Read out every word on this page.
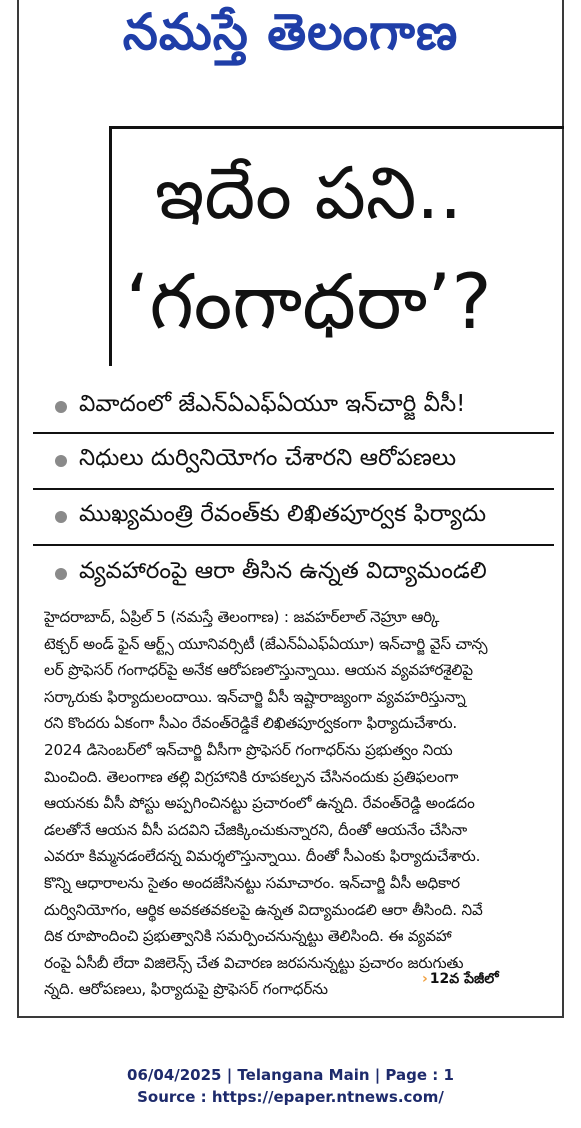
నమస్తే తెలంగాణ
ఇదేం పని..
‘గంగాధరా’?
వివాదంలో జేఎన్ఏఎఫ్ఏయూ ఇన్‌చార్జి వీసీ!
నిధులు దుర్వినియోగం చేశారని ఆరోపణలు
ముఖ్యమంత్రి రేవంత్‌కు లిఖితపూర్వక ఫిర్యాదు
వ్యవహారంపై ఆరా తీసిన ఉన్నత విద్యామండలి
హైదరాబాద్, ఏప్రిల్ 5 (నమస్తే తెలంగాణ) : జవహర్‌లాల్ నెహ్రూ ఆర్కి
టెక్చర్ అండ్ ఫైన్ ఆర్ట్స్ యూనివర్సిటీ (జేఎన్ఏఎఫ్ఏయూ) ఇన్‌చార్జి వైస్ చాన్స
లర్ ప్రొఫెసర్ గంగాధర్‌పై అనేక ఆరోపణలొస్తున్నాయి. ఆయన వ్యవహారశైలిపై
సర్కారుకు ఫిర్యాదులందాయి. ఇన్‌చార్జి వీసీ ఇష్టారాజ్యంగా వ్యవహరిస్తున్నా
రని కొందరు ఏకంగా సీఎం రేవంత్‌రెడ్డికే లిఖితపూర్వకంగా ఫిర్యాదుచేశారు.
2024 డిసెంబర్‌లో ఇన్‌చార్జి వీసీగా ప్రొఫెసర్ గంగాధర్‌ను ప్రభుత్వం నియ
మించింది. తెలంగాణ తల్లి విగ్రహానికి రూపకల్పన చేసినందుకు ప్రతిఫలంగా
ఆయనకు వీసీ పోస్టు అప్పగించినట్టు ప్రచారంలో ఉన్నది. రేవంత్‌రెడ్డి అండదం
డలతోనే ఆయన వీసీ పదవిని చేజిక్కించుకున్నారని, దీంతో ఆయనేం చేసినా
ఎవరూ కిమ్మనడంలేదన్న విమర్శలొస్తున్నాయి. దీంతో సీఎంకు ఫిర్యాదుచేశారు.
కొన్ని ఆధారాలను సైతం అందజేసినట్టు సమాచారం. ఇన్‌చార్జి వీసీ అధికార
దుర్వినియోగం, ఆర్థిక అవకతవకలపై ఉన్నత విద్యామండలి ఆరా తీసింది. నివే
దిక రూపొందించి ప్రభుత్వానికి సమర్పించనున్నట్టు తెలిసింది. ఈ వ్యవహా
రంపై ఏసీబీ లేదా విజిలెన్స్ చేత విచారణ జరపనున్నట్టు ప్రచారం జరుగుతు
న్నది. ఆరోపణలు, ఫిర్యాదుపై ప్రొఫెసర్ గంగాధర్‌ను
› 12వ పేజీలో
06/04/2025 | Telangana Main | Page : 1
Source : https://epaper.ntnews.com/
